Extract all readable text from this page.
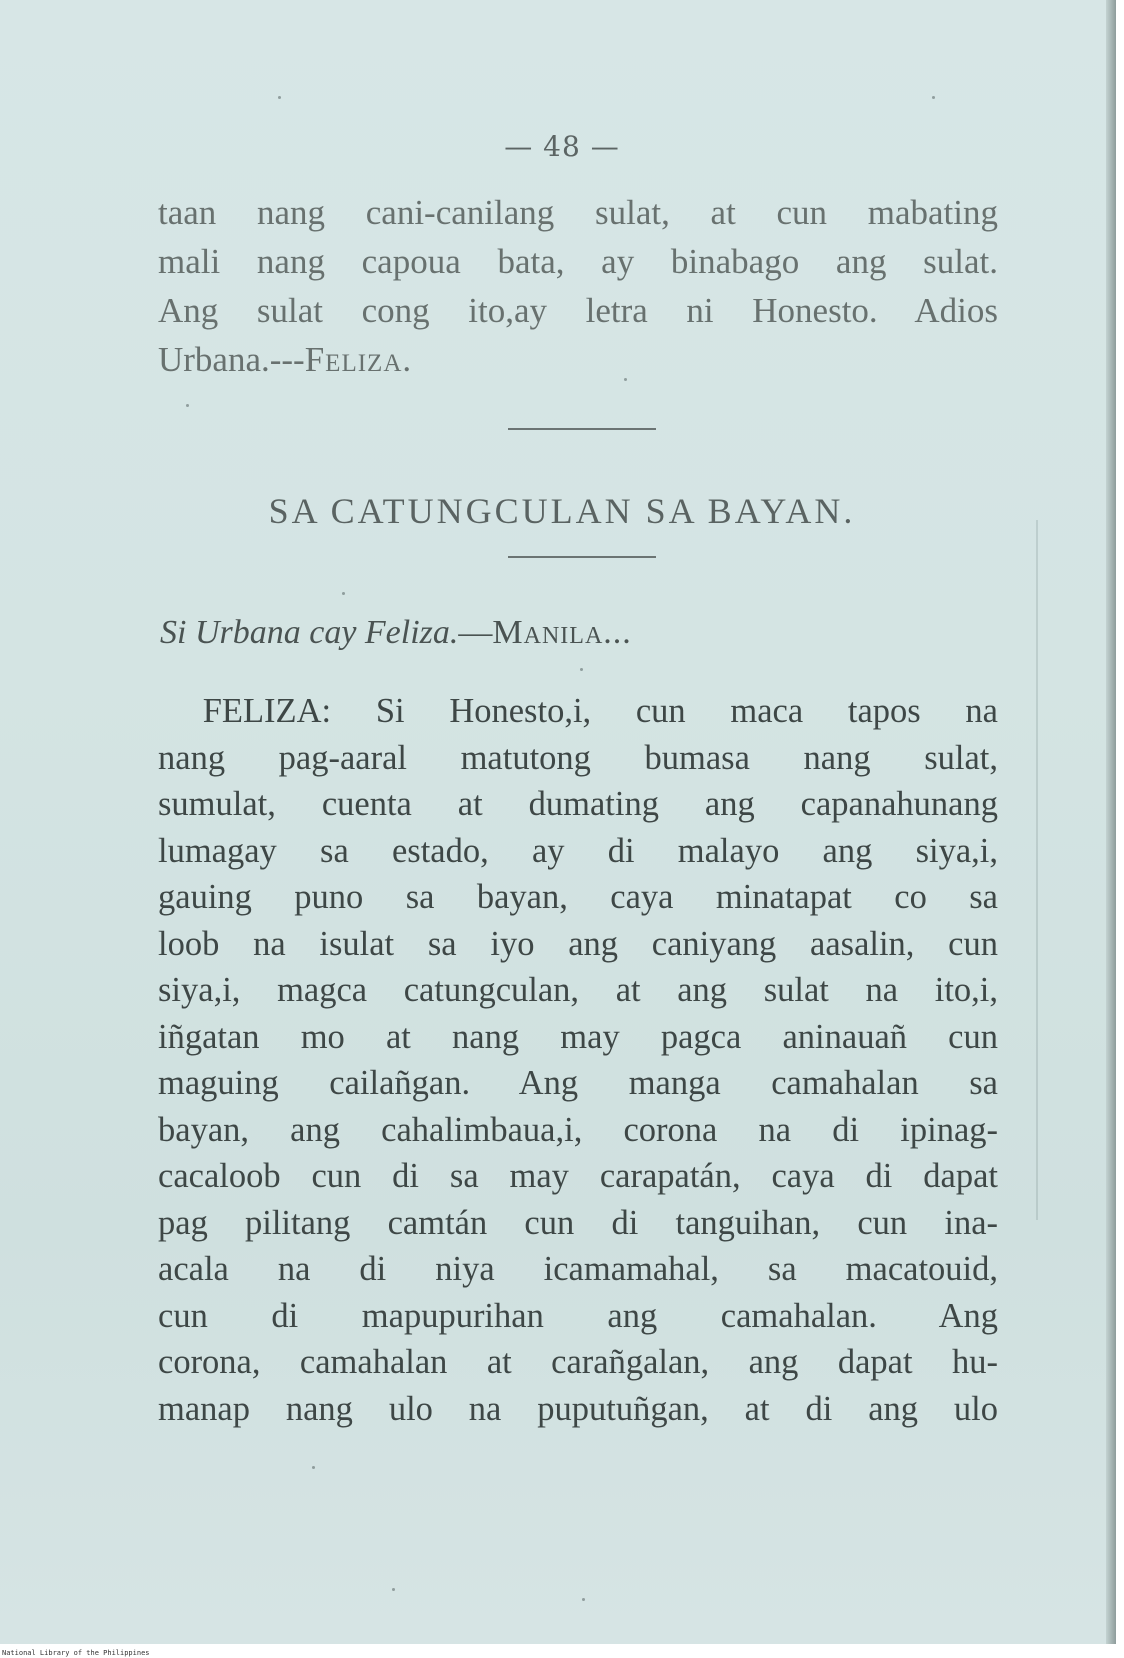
— 48 —
taan nang cani-canilang sulat, at cun mabating
mali nang capoua bata, ay binabago ang sulat.
Ang sulat cong ito,ay letra ni Honesto. Adios
Urbana.---Feliza.
SA CATUNGCULAN SA BAYAN.
Si Urbana cay Feliza.—Manila...
FELIZA: Si Honesto,i, cun maca tapos na
nang pag-aaral matutong bumasa nang sulat,
sumulat, cuenta at dumating ang capanahunang
lumagay sa estado, ay di malayo ang siya,i,
gauing puno sa bayan, caya minatapat co sa
loob na isulat sa iyo ang caniyang aasalin, cun
siya,i, magca catungculan, at ang sulat na ito,i,
iñgatan mo at nang may pagca aninauañ cun
maguing cailañgan. Ang manga camahalan sa
bayan, ang cahalimbaua,i, corona na di ipinag-
cacaloob cun di sa may carapatán, caya di dapat
pag pilitang camtán cun di tanguihan, cun ina-
acala na di niya icamamahal, sa macatouid,
cun di mapupurihan ang camahalan. Ang
corona, camahalan at carañgalan, ang dapat hu-
manap nang ulo na puputuñgan, at di ang ulo
National Library of the Philippines
